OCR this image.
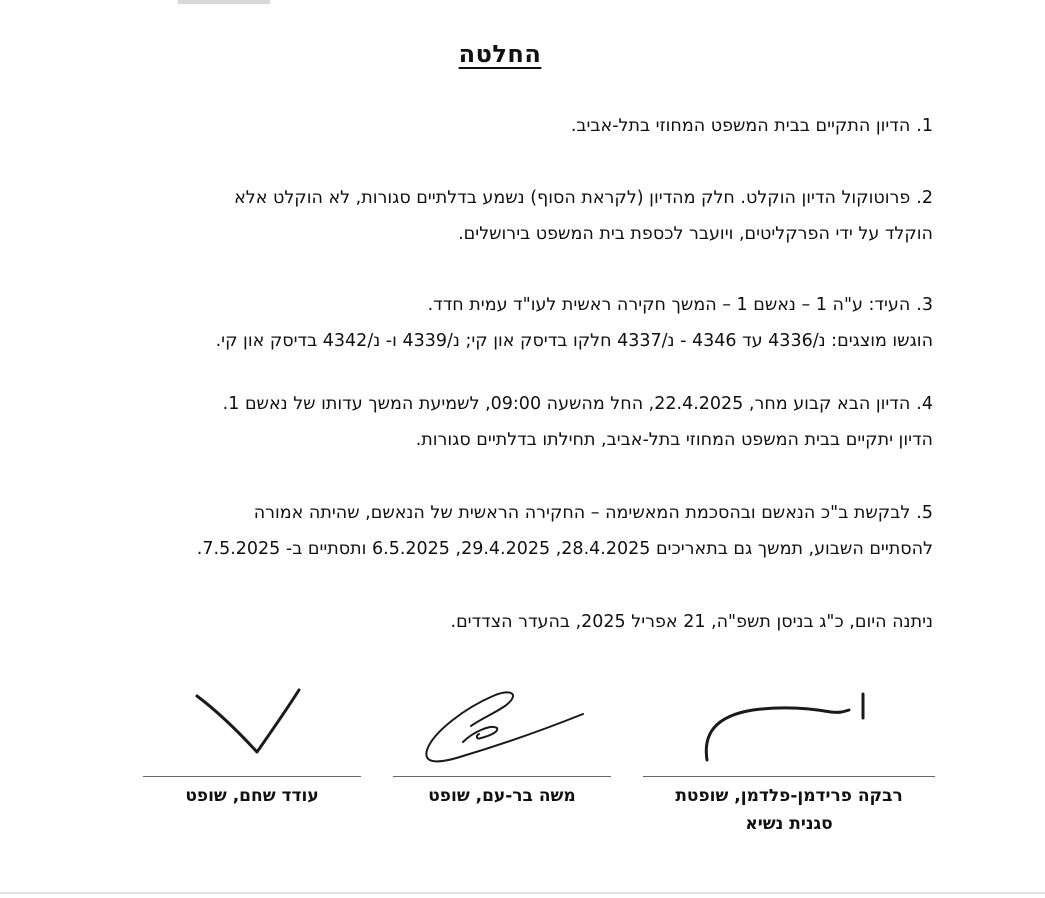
החלטה
1.הדיון התקיים בבית המשפט המחוזי בתל-אביב.
2.פרוטוקול הדיון הוקלט. חלק מהדיון (לקראת הסוף) נשמע בדלתיים סגורות, לא הוקלט אלא
הוקלד על ידי הפרקליטים, ויועבר לכספת בית המשפט בירושלים.
3.העיד: ע"ה 1 – נאשם 1 – המשך חקירה ראשית לעו"ד עמית חדד.
הוגשו מוצגים: נ/4336 עד 4346 - נ/4337 חלקו בדיסק און קי; נ/4339 ו- נ/4342 בדיסק און קי.
4.הדיון הבא קבוע מחר, 22.4.2025, החל מהשעה 09:00, לשמיעת המשך עדותו של נאשם 1.
הדיון יתקיים בבית המשפט המחוזי בתל-אביב, תחילתו בדלתיים סגורות.
5.לבקשת ב"כ הנאשם ובהסכמת המאשימה – החקירה הראשית של הנאשם, שהיתה אמורה
להסתיים השבוע, תמשך גם בתאריכים 28.4.2025, 29.4.2025, 6.5.2025 ותסתיים ב- 7.5.2025.
ניתנה היום, כ"ג בניסן תשפ"ה, 21 אפריל 2025, בהעדר הצדדים.
רבקה פרידמן-פלדמן, שופטת
סגנית נשיא
משה בר-עם, שופט
עודד שחם, שופט
